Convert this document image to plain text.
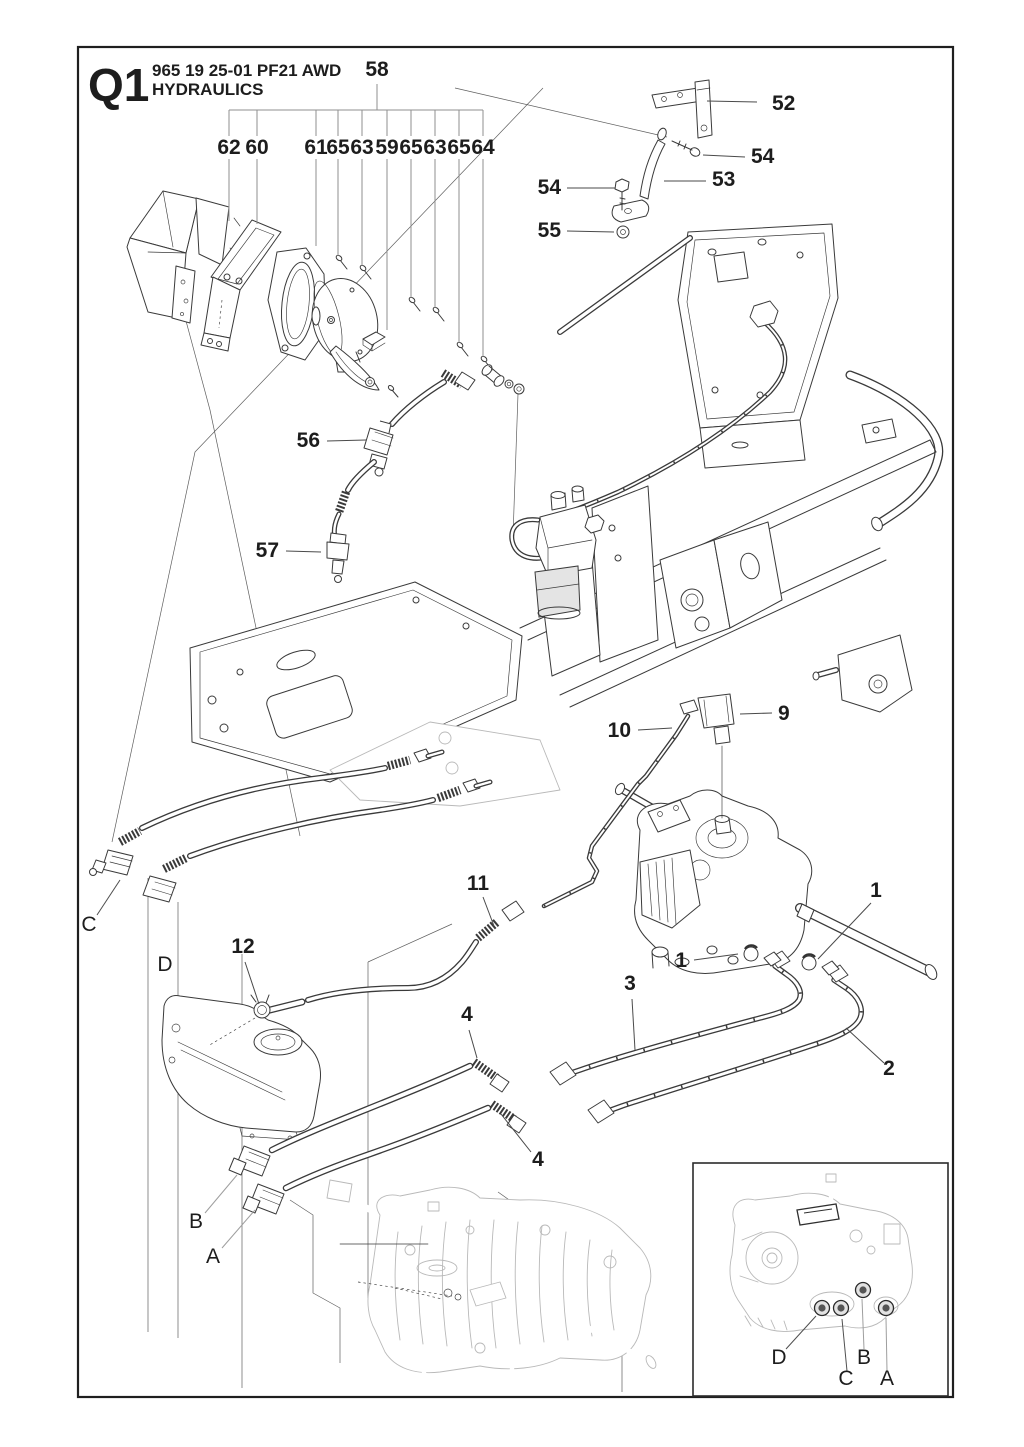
Q1 965 19 25-01 PF21 AWD
HYDRAULICS
58
62 60 61
65 63 59 65 63 65 64
52
54
53
54
55
56
57
9
10
11	1
1
12
3
2
4
4
C
D
B
A
D
C
B
A
